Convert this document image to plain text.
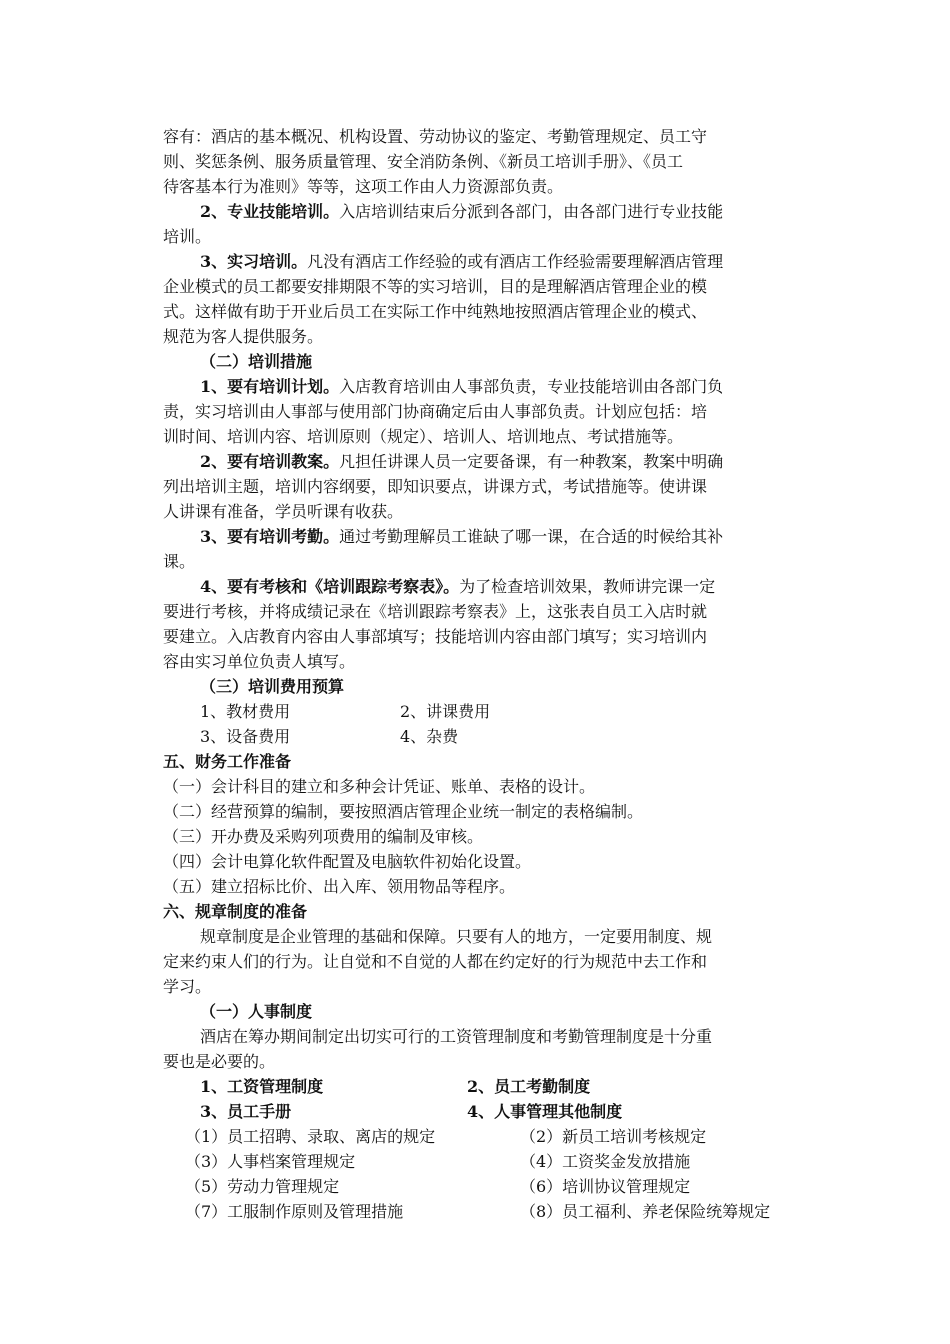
容有：酒店的基本概况、机构设置、劳动协议的鉴定、考勤管理规定、员工守
则、奖惩条例、服务质量管理、安全消防条例、《新员工培训手册》、《员工
待客基本行为准则》等等，这项工作由人力资源部负责。
2、专业技能培训。入店培训结束后分派到各部门，由各部门进行专业技能
培训。
3、实习培训。凡没有酒店工作经验的或有酒店工作经验需要理解酒店管理
企业模式的员工都要安排期限不等的实习培训，目的是理解酒店管理企业的模
式。这样做有助于开业后员工在实际工作中纯熟地按照酒店管理企业的模式、
规范为客人提供服务。
（二）培训措施
1、要有培训计划。入店教育培训由人事部负责，专业技能培训由各部门负
责，实习培训由人事部与使用部门协商确定后由人事部负责。计划应包括：培
训时间、培训内容、培训原则（规定）、培训人、培训地点、考试措施等。
2、要有培训教案。凡担任讲课人员一定要备课，有一种教案，教案中明确
列出培训主题，培训内容纲要，即知识要点，讲课方式，考试措施等。使讲课
人讲课有准备，学员听课有收获。
3、要有培训考勤。通过考勤理解员工谁缺了哪一课，在合适的时候给其补
课。
4、要有考核和《培训跟踪考察表》。为了检查培训效果，教师讲完课一定
要进行考核，并将成绩记录在《培训跟踪考察表》上，这张表自员工入店时就
要建立。入店教育内容由人事部填写；技能培训内容由部门填写；实习培训内
容由实习单位负责人填写。
（三）培训费用预算
1、教材费用	2、讲课费用
3、设备费用	4、杂费
五、财务工作准备
（一）会计科目的建立和多种会计凭证、账单、表格的设计。
（二）经营预算的编制，要按照酒店管理企业统一制定的表格编制。
（三）开办费及采购列项费用的编制及审核。
（四）会计电算化软件配置及电脑软件初始化设置。
（五）建立招标比价、出入库、领用物品等程序。
六、规章制度的准备
规章制度是企业管理的基础和保障。只要有人的地方，一定要用制度、规
定来约束人们的行为。让自觉和不自觉的人都在约定好的行为规范中去工作和
学习。
（一）人事制度
酒店在筹办期间制定出切实可行的工资管理制度和考勤管理制度是十分重
要也是必要的。
1、工资管理制度	2、员工考勤制度
3、员工手册	4、人事管理其他制度
（1）员工招聘、录取、离店的规定	（2）新员工培训考核规定
（3）人事档案管理规定	（4）工资奖金发放措施
（5）劳动力管理规定	（6）培训协议管理规定
（7）工服制作原则及管理措施	（8）员工福利、养老保险统筹规定
